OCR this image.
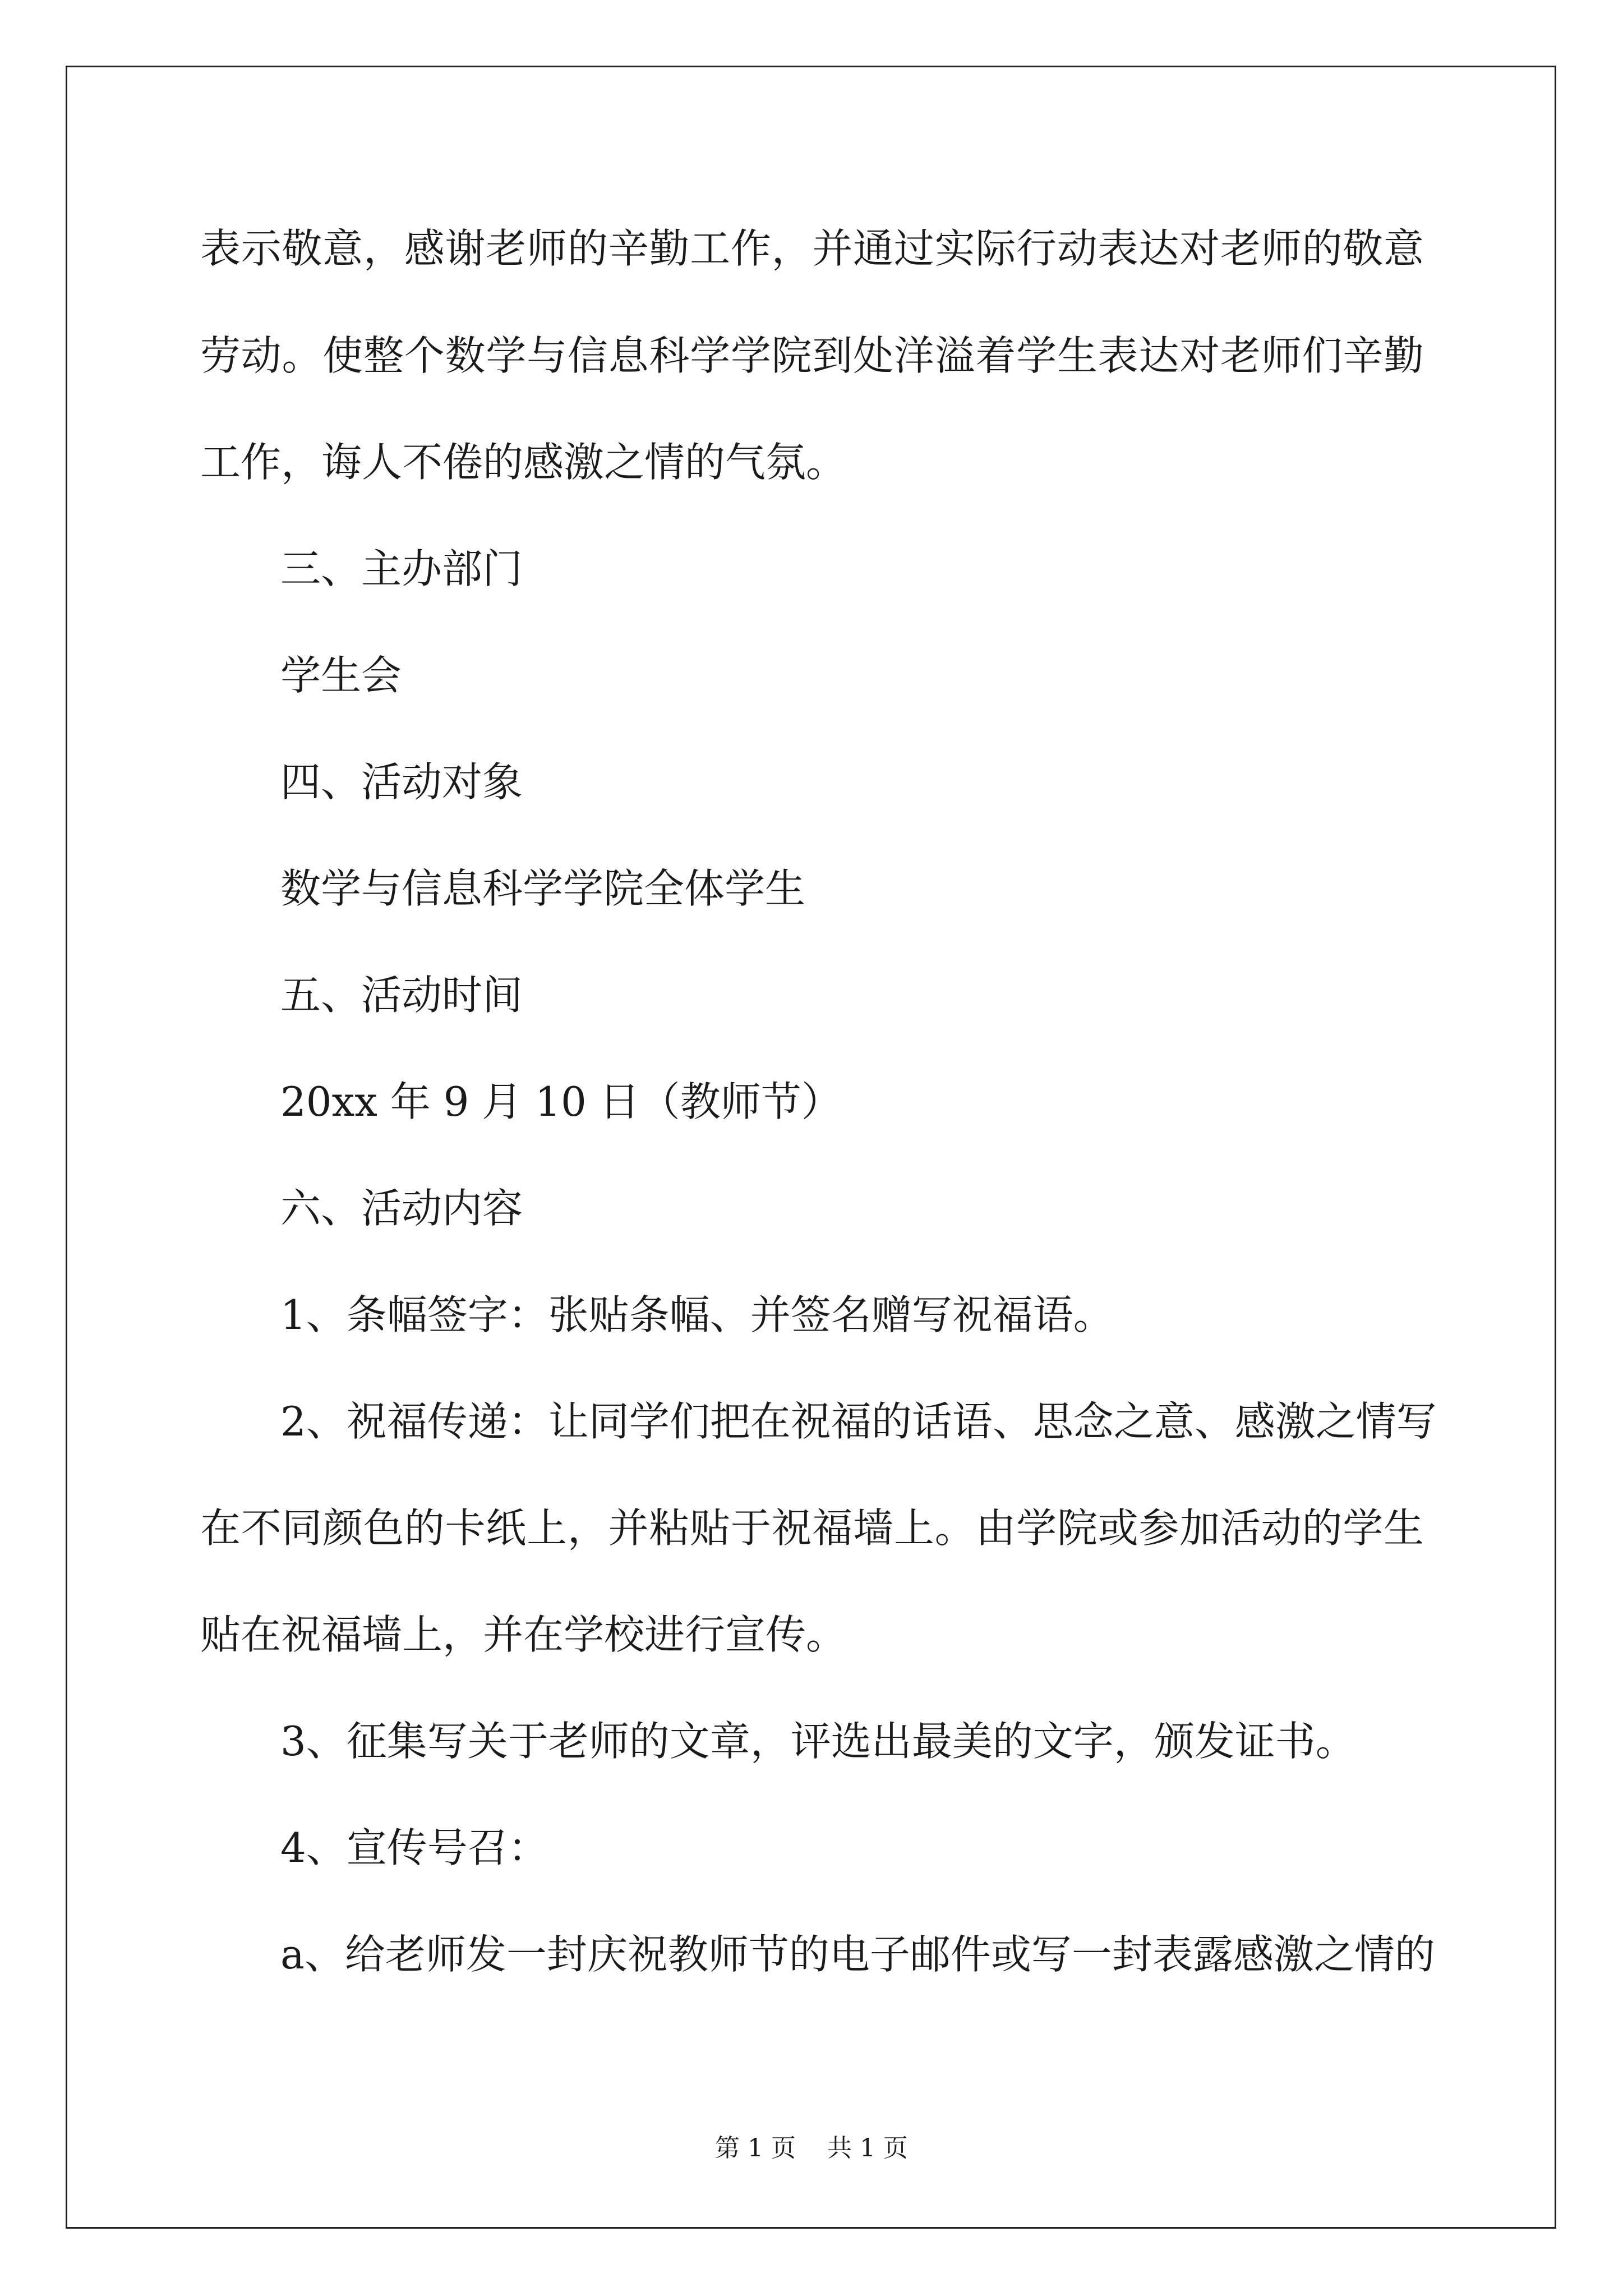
表示敬意，感谢老师的辛勤工作，并通过实际行动表达对老师的敬意

劳动。使整个数学与信息科学学院到处洋溢着学生表达对老师们辛勤

工作，诲人不倦的感激之情的气氛。

三、主办部门

学生会

四、活动对象

数学与信息科学学院全体学生

五、活动时间

20xx 年 9 月 10 日（教师节）

六、活动内容

1、条幅签字：张贴条幅、并签名赠写祝福语。

2、祝福传递：让同学们把在祝福的话语、思念之意、感激之情写

在不同颜色的卡纸上，并粘贴于祝福墙上。由学院或参加活动的学生

贴在祝福墙上，并在学校进行宣传。

3、征集写关于老师的文章，评选出最美的文字，颁发证书。

4、宣传号召：

a、给老师发一封庆祝教师节的电子邮件或写一封表露感激之情的

第 1 页    共 1 页
